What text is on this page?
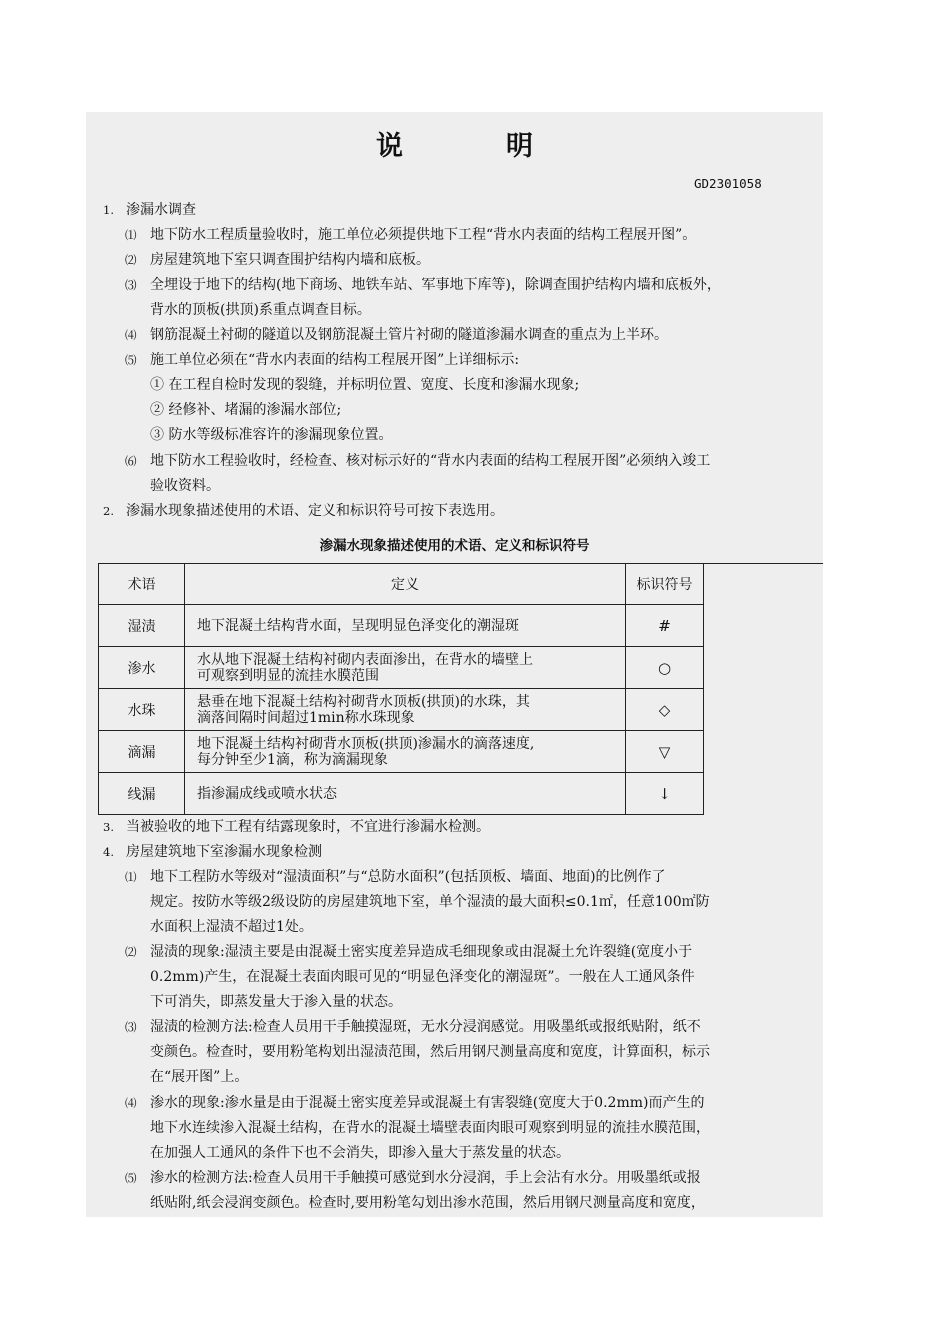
说　明
GD2301058
1. 渗漏水调查
⑴ 地下防水工程质量验收时，施工单位必须提供地下工程“背水内表面的结构工程展开图”。
⑵ 房屋建筑地下室只调查围护结构内墙和底板。
⑶ 全埋设于地下的结构(地下商场、地铁车站、军事地下库等)，除调查围护结构内墙和底板外，
背水的顶板(拱顶)系重点调查目标。
⑷ 钢筋混凝土衬砌的隧道以及钢筋混凝土管片衬砌的隧道渗漏水调查的重点为上半环。
⑸ 施工单位必须在“背水内表面的结构工程展开图”上详细标示:
① 在工程自检时发现的裂缝，并标明位置、宽度、长度和渗漏水现象;
② 经修补、堵漏的渗漏水部位;
③ 防水等级标准容许的渗漏现象位置。
⑹ 地下防水工程验收时，经检查、核对标示好的“背水内表面的结构工程展开图”必须纳入竣工
验收资料。
2. 渗漏水现象描述使用的术语、定义和标识符号可按下表选用。
渗漏水现象描述使用的术语、定义和标识符号
术语	定义	标识符号
湿渍	地下混凝土结构背水面，呈现明显色泽变化的潮湿斑	#
渗水	水从地下混凝土结构衬砌内表面渗出，在背水的墙壁上
可观察到明显的流挂水膜范围	○
水珠	悬垂在地下混凝土结构衬砌背水顶板(拱顶)的水珠，其
滴落间隔时间超过1min称水珠现象	◇
滴漏	地下混凝土结构衬砌背水顶板(拱顶)渗漏水的滴落速度,
每分钟至少1滴，称为滴漏现象	▽
线漏	指渗漏成线或喷水状态	↓
3. 当被验收的地下工程有结露现象时，不宜进行渗漏水检测。
4. 房屋建筑地下室渗漏水现象检测
⑴ 地下工程防水等级对“湿渍面积”与“总防水面积”(包括顶板、墙面、地面)的比例作了
规定。按防水等级2级设防的房屋建筑地下室，单个湿渍的最大面积≤0.1㎡，任意100㎡防
水面积上湿渍不超过1处。
⑵ 湿渍的现象:湿渍主要是由混凝土密实度差异造成毛细现象或由混凝土允许裂缝(宽度小于
0.2mm)产生，在混凝土表面肉眼可见的“明显色泽变化的潮湿斑”。一般在人工通风条件
下可消失，即蒸发量大于渗入量的状态。
⑶ 湿渍的检测方法:检查人员用干手触摸湿斑，无水分浸润感觉。用吸墨纸或报纸贴附，纸不
变颜色。检查时，要用粉笔构划出湿渍范围，然后用钢尺测量高度和宽度，计算面积，标示
在“展开图”上。
⑷ 渗水的现象:渗水量是由于混凝土密实度差异或混凝土有害裂缝(宽度大于0.2mm)而产生的
地下水连续渗入混凝土结构，在背水的混凝土墙壁表面肉眼可观察到明显的流挂水膜范围，
在加强人工通风的条件下也不会消失，即渗入量大于蒸发量的状态。
⑸ 渗水的检测方法:检查人员用干手触摸可感觉到水分浸润，手上会沾有水分。用吸墨纸或报
纸贴附,纸会浸润变颜色。检查时,要用粉笔勾划出渗水范围，然后用钢尺测量高度和宽度，
